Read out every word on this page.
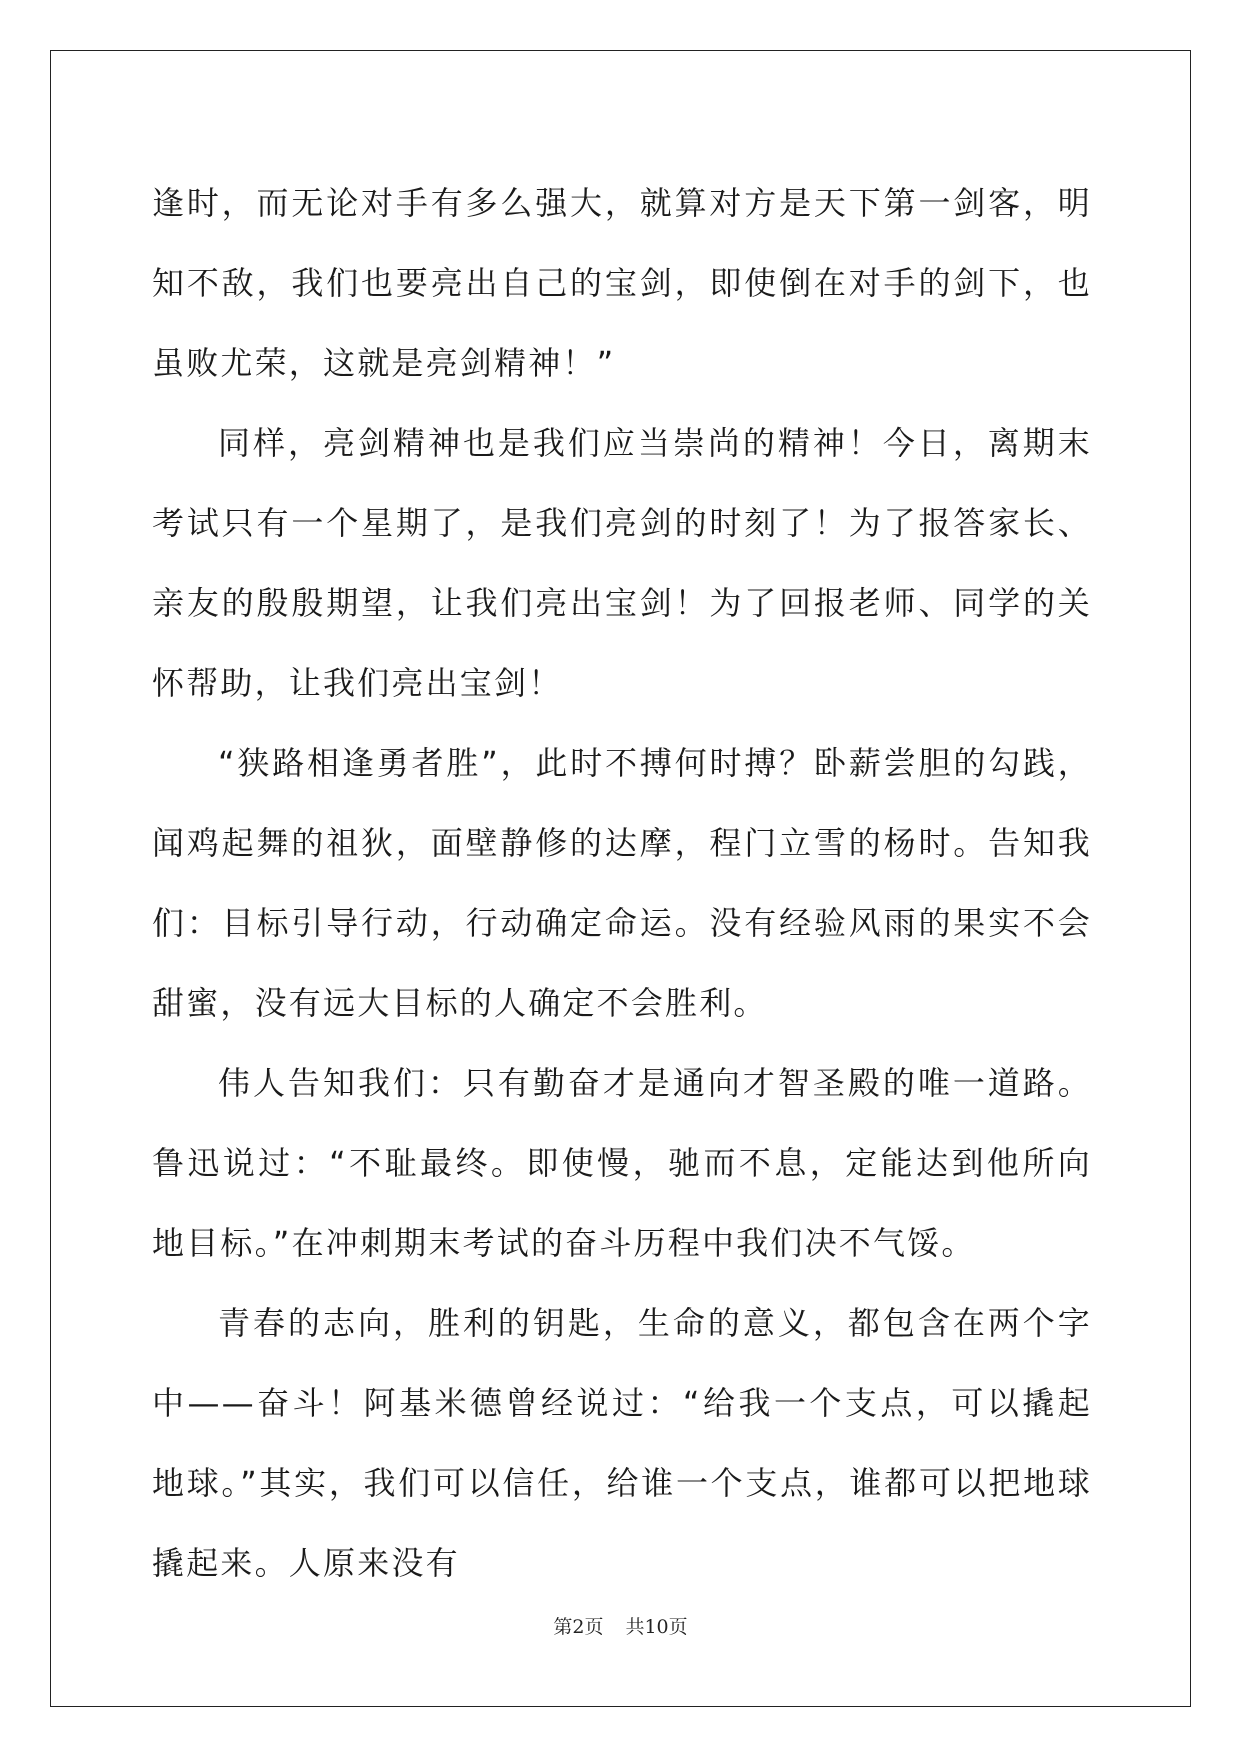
逢时，而无论对手有多么强大，就算对方是天下第一剑客，明知不敌，我们也要亮出自己的宝剑，即使倒在对手的剑下，也虽败尤荣，这就是亮剑精神！”

同样，亮剑精神也是我们应当崇尚的精神！今日，离期末考试只有一个星期了，是我们亮剑的时刻了！为了报答家长、亲友的殷殷期望，让我们亮出宝剑！为了回报老师、同学的关怀帮助，让我们亮出宝剑！

“狭路相逢勇者胜”，此时不搏何时搏？卧薪尝胆的勾践，闻鸡起舞的祖狄，面壁静修的达摩，程门立雪的杨时。告知我们：目标引导行动，行动确定命运。没有经验风雨的果实不会甜蜜，没有远大目标的人确定不会胜利。

伟人告知我们：只有勤奋才是通向才智圣殿的唯一道路。鲁迅说过：“不耻最终。即使慢，驰而不息，定能达到他所向地目标。”在冲刺期末考试的奋斗历程中我们决不气馁。

青春的志向，胜利的钥匙，生命的意义，都包含在两个字中——奋斗！阿基米德曾经说过：“给我一个支点，可以撬起地球。”其实，我们可以信任，给谁一个支点，谁都可以把地球撬起来。人原来没有

第2页 共10页
